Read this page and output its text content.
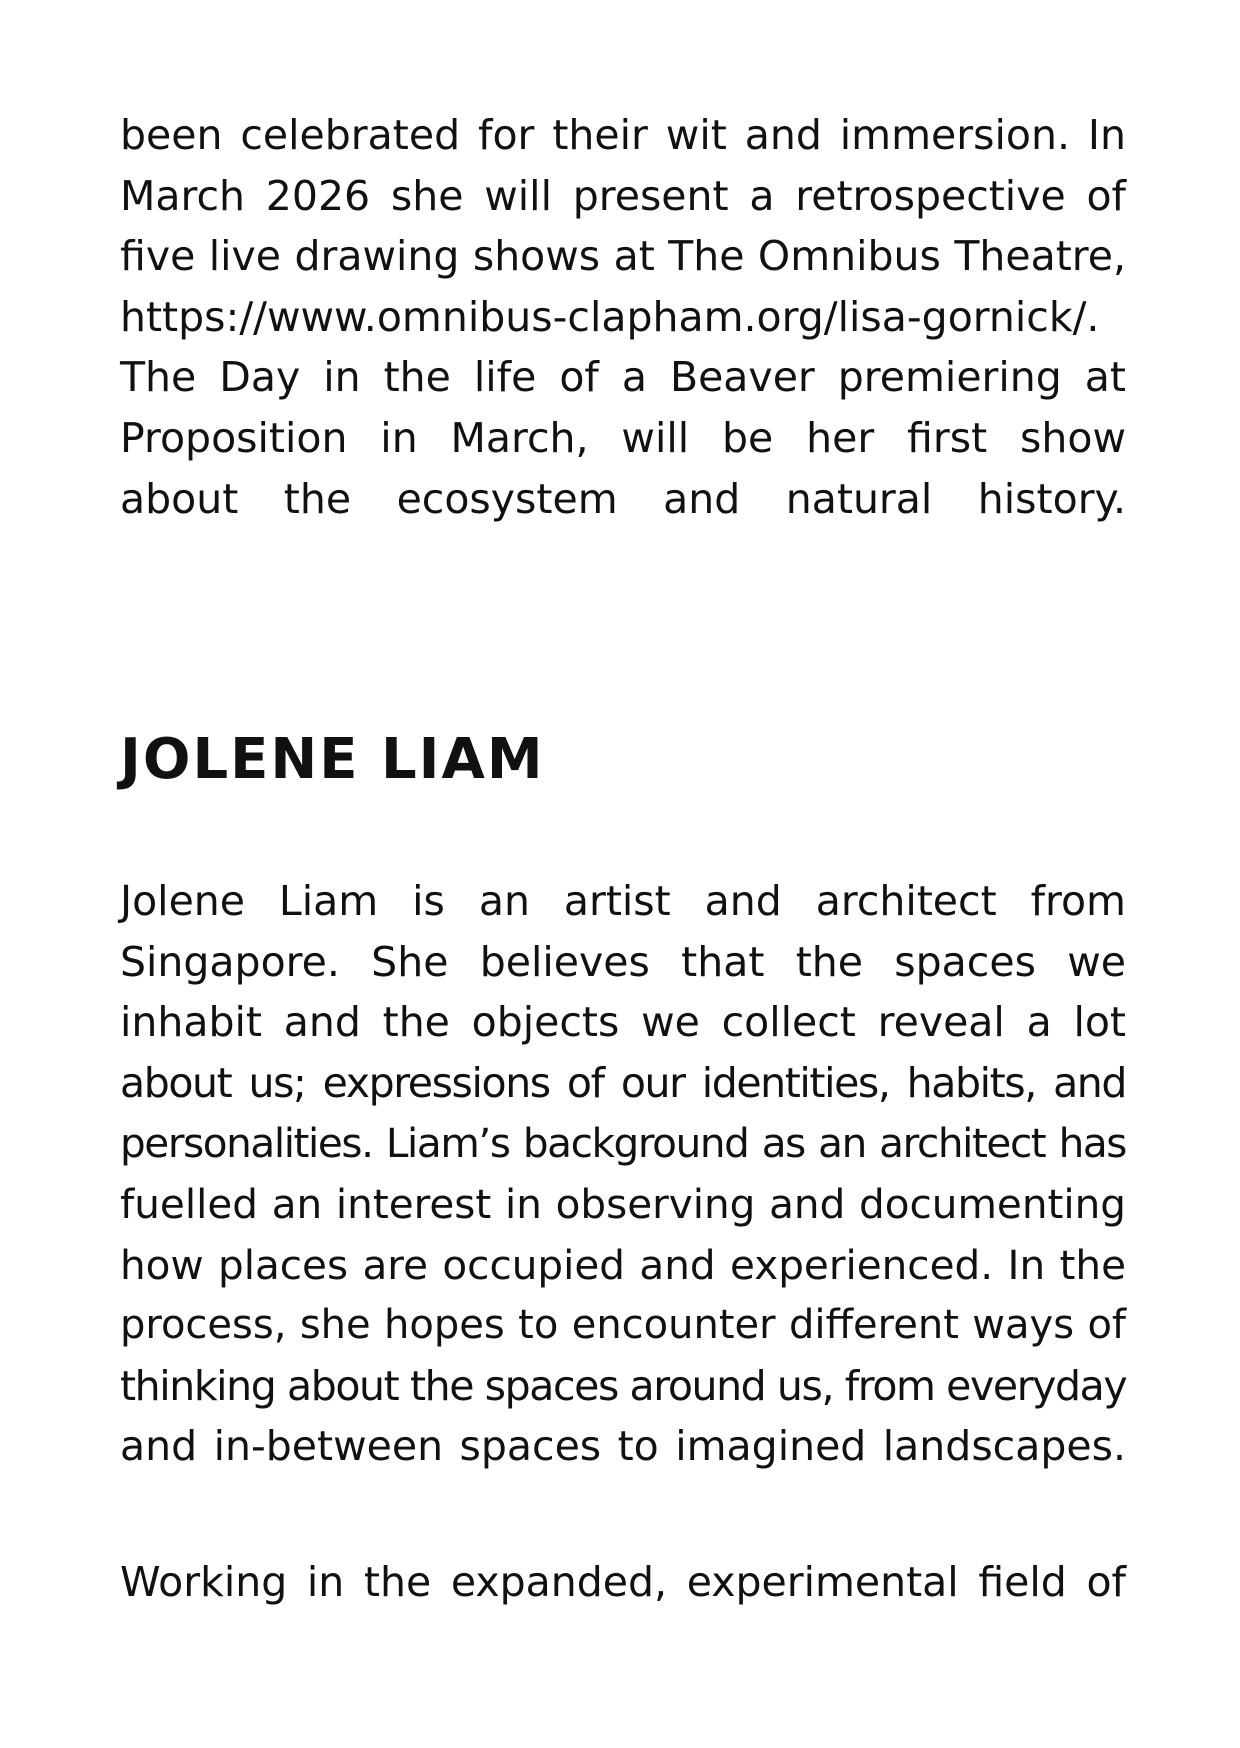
been celebrated for their wit and immersion. In
March 2026 she will present a retrospective of
five live drawing shows at The Omnibus Theatre,
https://www.omnibus-clapham.org/lisa-gornick/.
The Day in the life of a Beaver premiering at
Proposition in March, will be her first show
about the ecosystem and natural history.
JOLENE LIAM
Jolene Liam is an artist and architect from
Singapore. She believes that the spaces we
inhabit and the objects we collect reveal a lot
about us; expressions of our identities, habits, and
personalities. Liam’s background as an architect has
fuelled an interest in observing and documenting
how places are occupied and experienced. In the
process, she hopes to encounter different ways of
thinking about the spaces around us, from everyday
and in-between spaces to imagined landscapes.
Working in the expanded, experimental field of
